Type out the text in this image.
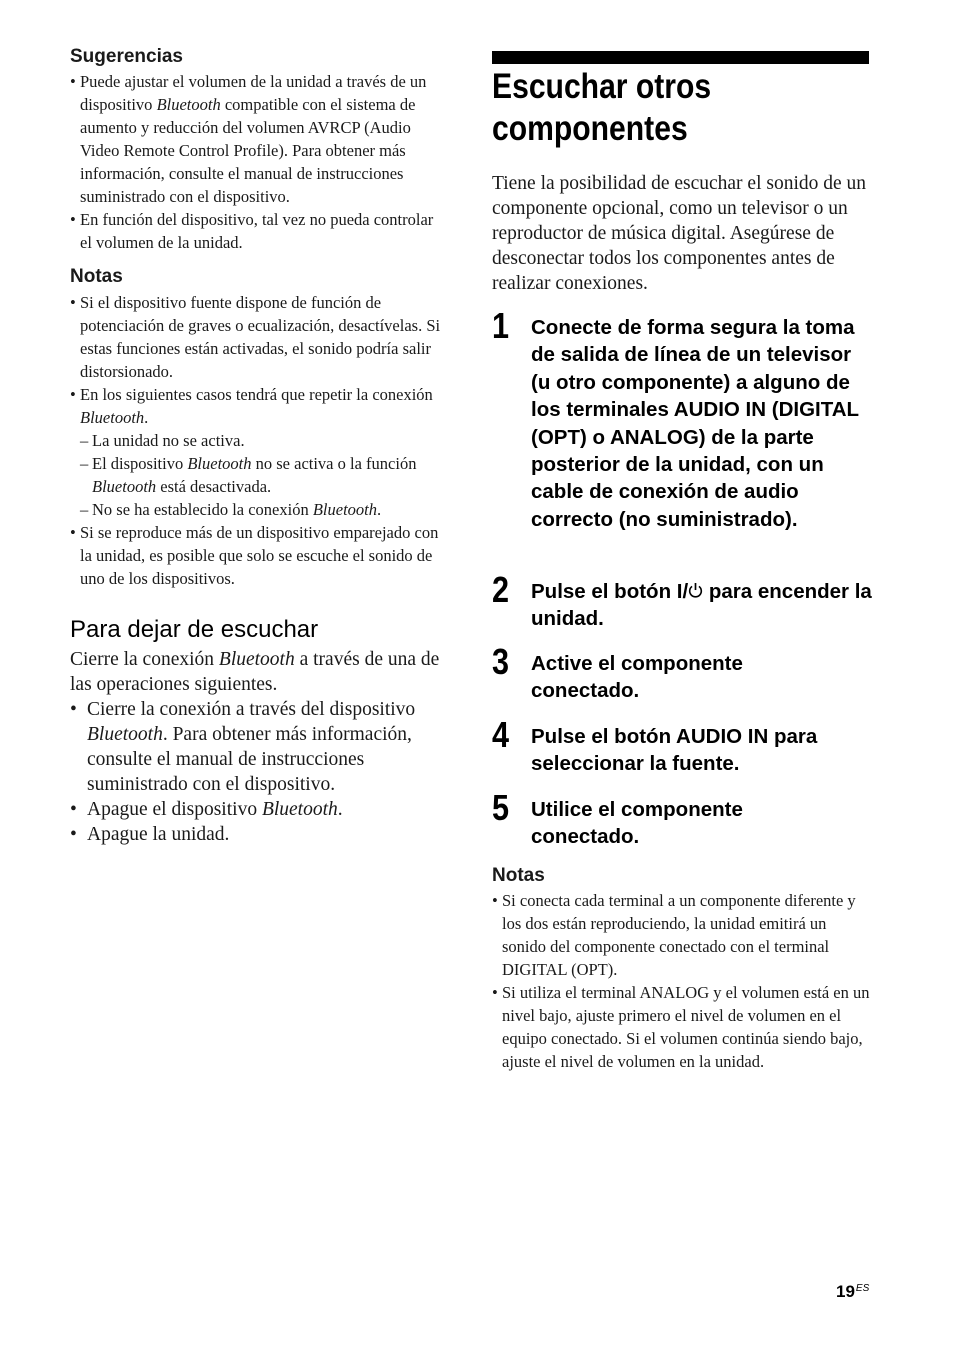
Sugerencias
• Puede ajustar el volumen de la unidad a través de un dispositivo Bluetooth compatible con el sistema de aumento y reducción del volumen AVRCP (Audio Video Remote Control Profile). Para obtener más información, consulte el manual de instrucciones suministrado con el dispositivo.
• En función del dispositivo, tal vez no pueda controlar el volumen de la unidad.
Notas
• Si el dispositivo fuente dispone de función de potenciación de graves o ecualización, desactívelas. Si estas funciones están activadas, el sonido podría salir distorsionado.
• En los siguientes casos tendrá que repetir la conexión Bluetooth.
– La unidad no se activa.
– El dispositivo Bluetooth no se activa o la función Bluetooth está desactivada.
– No se ha establecido la conexión Bluetooth.
• Si se reproduce más de un dispositivo emparejado con la unidad, es posible que solo se escuche el sonido de uno de los dispositivos.
Para dejar de escuchar

Cierre la conexión Bluetooth a través de una de las operaciones siguientes.

• Cierre la conexión a través del dispositivo Bluetooth. Para obtener más información, consulte el manual de instrucciones suministrado con el dispositivo.
• Apague el dispositivo Bluetooth.
• Apague la unidad.
Escuchar otros
componentes

Tiene la posibilidad de escuchar el sonido de un componente opcional, como un televisor o un reproductor de música digital. Asegúrese de desconectar todos los componentes antes de realizar conexiones.

1 Conecte de forma segura la toma de salida de línea de un televisor (u otro componente) a alguno de los terminales AUDIO IN (DIGITAL (OPT) o ANALOG) de la parte posterior de la unidad, con un cable de conexión de audio correcto (no suministrado).

2 Pulse el botón I/ para encender la unidad.

3 Active el componente conectado.

4 Pulse el botón AUDIO IN para seleccionar la fuente.

5 Utilice el componente conectado.

Notas
• Si conecta cada terminal a un componente diferente y los dos están reproduciendo, la unidad emitirá un sonido del componente conectado con el terminal DIGITAL (OPT).
• Si utiliza el terminal ANALOG y el volumen está en un nivel bajo, ajuste primero el nivel de volumen en el equipo conectado. Si el volumen continúa siendo bajo, ajuste el nivel de volumen en la unidad.
$19^{ES}$
